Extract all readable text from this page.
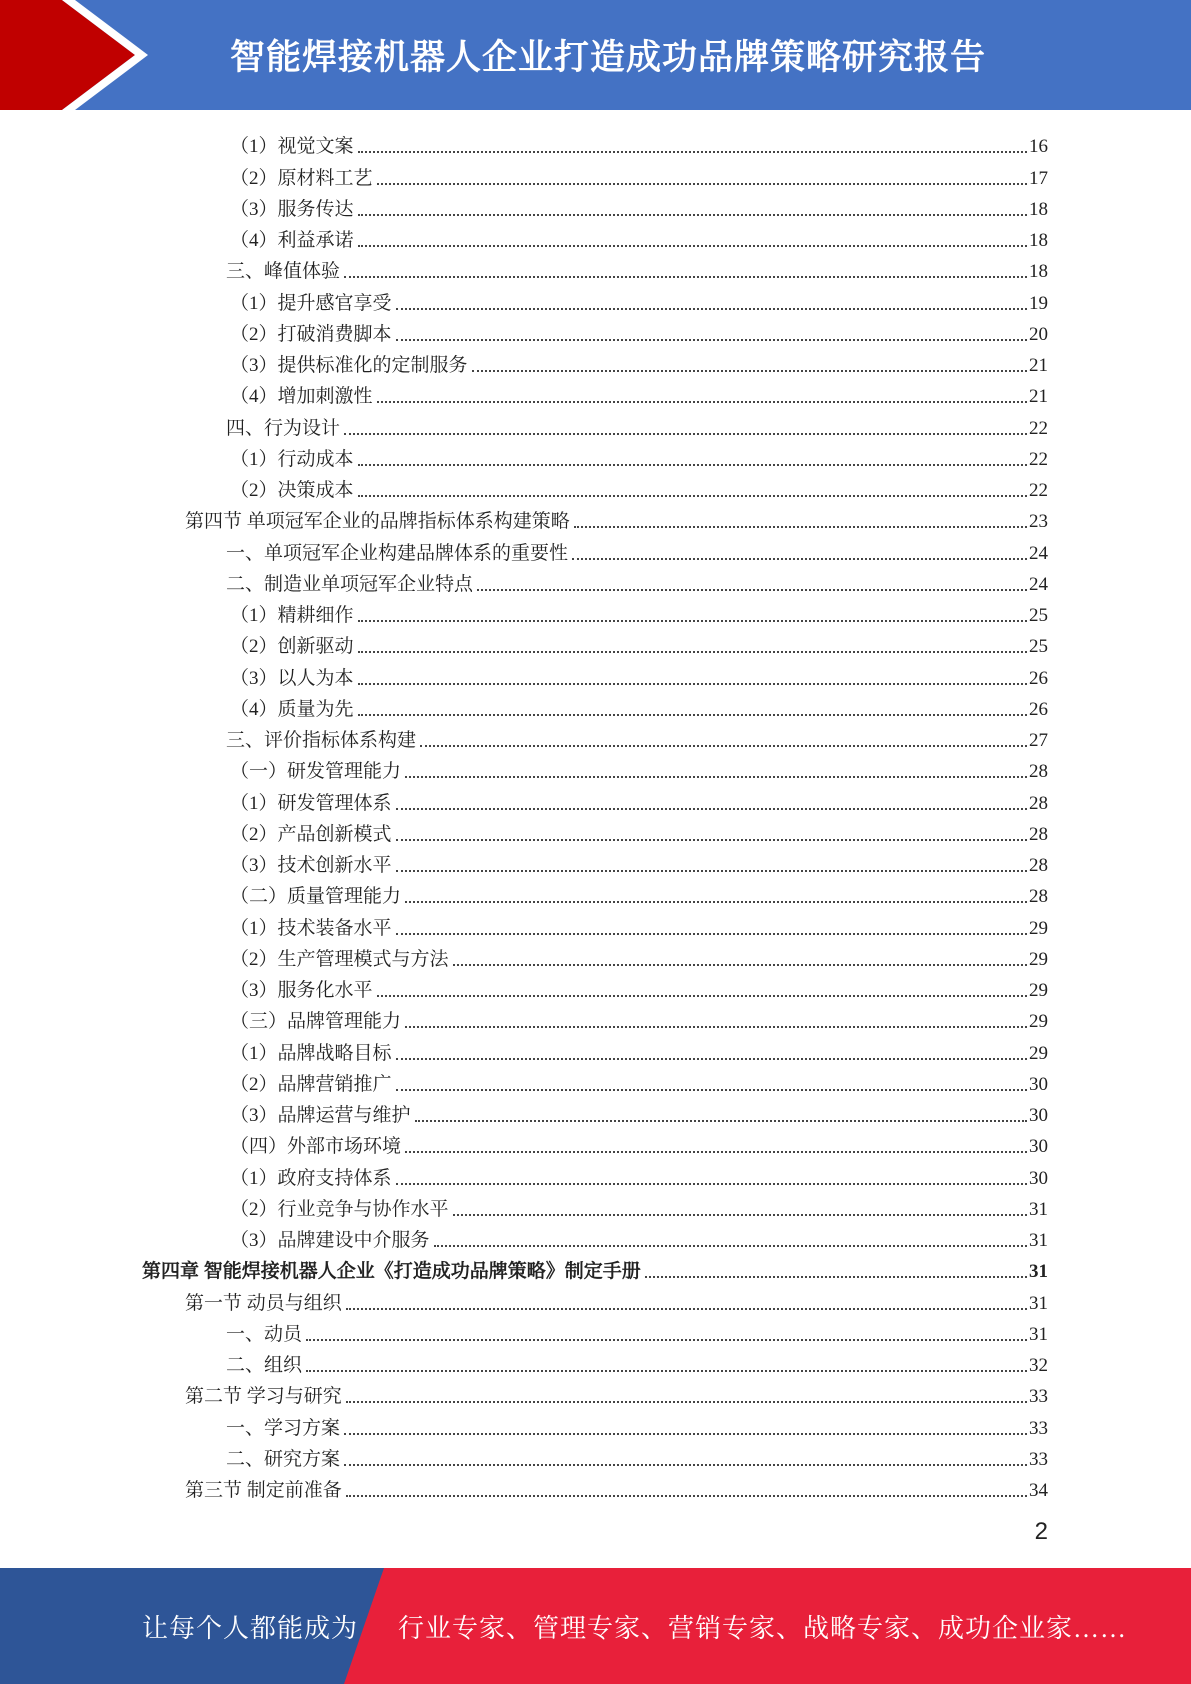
智能焊接机器人企业打造成功品牌策略研究报告
（1）视觉文案	16
（2）原材料工艺	17
（3）服务传达	18
（4）利益承诺	18
三、峰值体验	18
（1）提升感官享受	19
（2）打破消费脚本	20
（3）提供标准化的定制服务	21
（4）增加刺激性	21
四、行为设计	22
（1）行动成本	22
（2）决策成本	22
第四节 单项冠军企业的品牌指标体系构建策略	23
一、单项冠军企业构建品牌体系的重要性	24
二、制造业单项冠军企业特点	24
（1）精耕细作	25
（2）创新驱动	25
（3）以人为本	26
（4）质量为先	26
三、评价指标体系构建	27
（一）研发管理能力	28
（1）研发管理体系	28
（2）产品创新模式	28
（3）技术创新水平	28
（二）质量管理能力	28
（1）技术装备水平	29
（2）生产管理模式与方法	29
（3）服务化水平	29
（三）品牌管理能力	29
（1）品牌战略目标	29
（2）品牌营销推广	30
（3）品牌运营与维护	30
（四）外部市场环境	30
（1）政府支持体系	30
（2）行业竞争与协作水平	31
（3）品牌建设中介服务	31
第四章 智能焊接机器人企业《打造成功品牌策略》制定手册	31
第一节 动员与组织	31
一、动员	31
二、组织	32
第二节 学习与研究	33
一、学习方案	33
二、研究方案	33
第三节 制定前准备	34
2
让每个人都能成为 行业专家、管理专家、营销专家、战略专家、成功企业家……
